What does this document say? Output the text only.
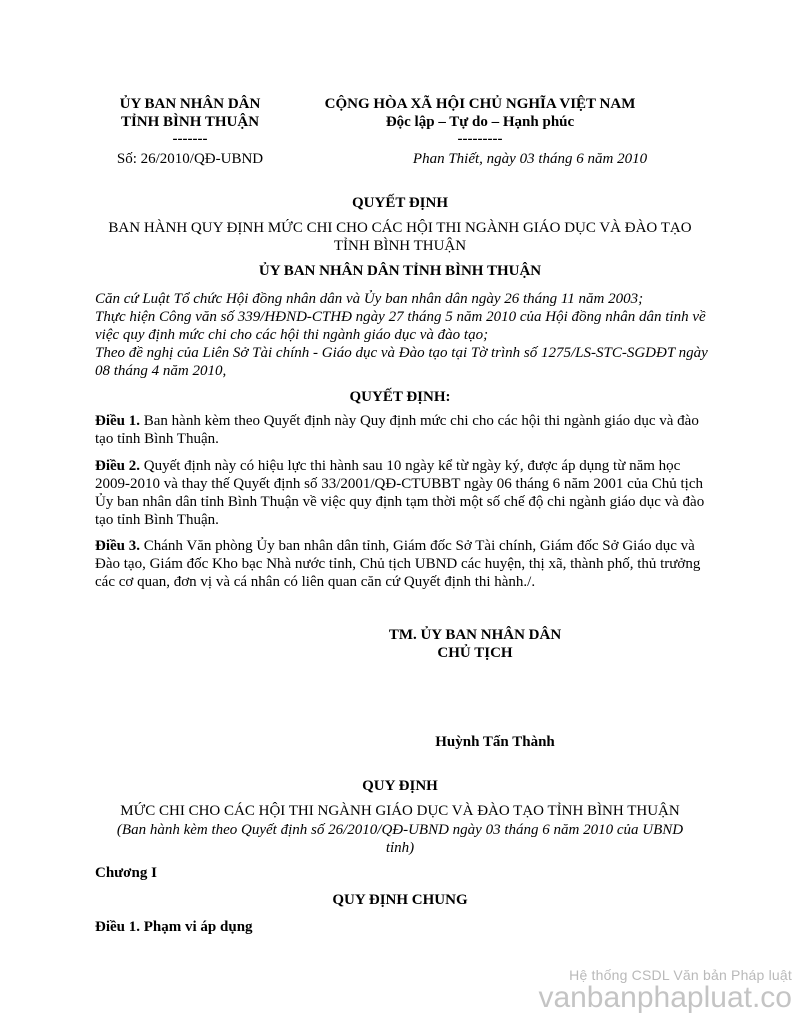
ỦY BAN NHÂN DÂN
TỈNH BÌNH THUẬN
-------
Số: 26/2010/QĐ-UBND
CỘNG HÒA XÃ HỘI CHỦ NGHĨA VIỆT NAM
Độc lập – Tự do – Hạnh phúc
---------
Phan Thiết, ngày 03 tháng 6 năm 2010
QUYẾT ĐỊNH
BAN HÀNH QUY ĐỊNH MỨC CHI CHO CÁC HỘI THI NGÀNH GIÁO DỤC VÀ ĐÀO TẠO
TỈNH BÌNH THUẬN
ỦY BAN NHÂN DÂN TỈNH BÌNH THUẬN

Căn cứ Luật Tổ chức Hội đồng nhân dân và Ủy ban nhân dân ngày 26 tháng 11 năm 2003;

Thực hiện Công văn số 339/HĐND-CTHĐ ngày 27 tháng 5 năm 2010 của Hội đồng nhân dân tỉnh về việc quy định mức chi cho các hội thi ngành giáo dục và đào tạo;

Theo đề nghị của Liên Sở Tài chính - Giáo dục và Đào tạo tại Tờ trình số 1275/LS-STC-SGDĐT ngày 08 tháng 4 năm 2010,

QUYẾT ĐỊNH:

Điều 1. Ban hành kèm theo Quyết định này Quy định mức chi cho các hội thi ngành giáo dục và đào tạo tỉnh Bình Thuận.

Điều 2. Quyết định này có hiệu lực thi hành sau 10 ngày kể từ ngày ký, được áp dụng từ năm học 2009-2010 và thay thế Quyết định số 33/2001/QĐ-CTUBBT ngày 06 tháng 6 năm 2001 của Chủ tịch Ủy ban nhân dân tỉnh Bình Thuận về việc quy định tạm thời một số chế độ chi ngành giáo dục và đào tạo tỉnh Bình Thuận.

Điều 3. Chánh Văn phòng Ủy ban nhân dân tỉnh, Giám đốc Sở Tài chính, Giám đốc Sở Giáo dục và Đào tạo, Giám đốc Kho bạc Nhà nước tỉnh, Chủ tịch UBND các huyện, thị xã, thành phố, thủ trưởng các cơ quan, đơn vị và cá nhân có liên quan căn cứ Quyết định thi hành./.

TM. ỦY BAN NHÂN DÂN
CHỦ TỊCH
Huỳnh Tấn Thành
QUY ĐỊNH
MỨC CHI CHO CÁC HỘI THI NGÀNH GIÁO DỤC VÀ ĐÀO TẠO TỈNH BÌNH THUẬN
(Ban hành kèm theo Quyết định số 26/2010/QĐ-UBND ngày 03 tháng 6 năm 2010 của UBND
tỉnh)
Chương I
QUY ĐỊNH CHUNG
Điều 1. Phạm vi áp dụng
Hệ thống CSDL Văn bản Pháp luật
vanbanphapluat.co
